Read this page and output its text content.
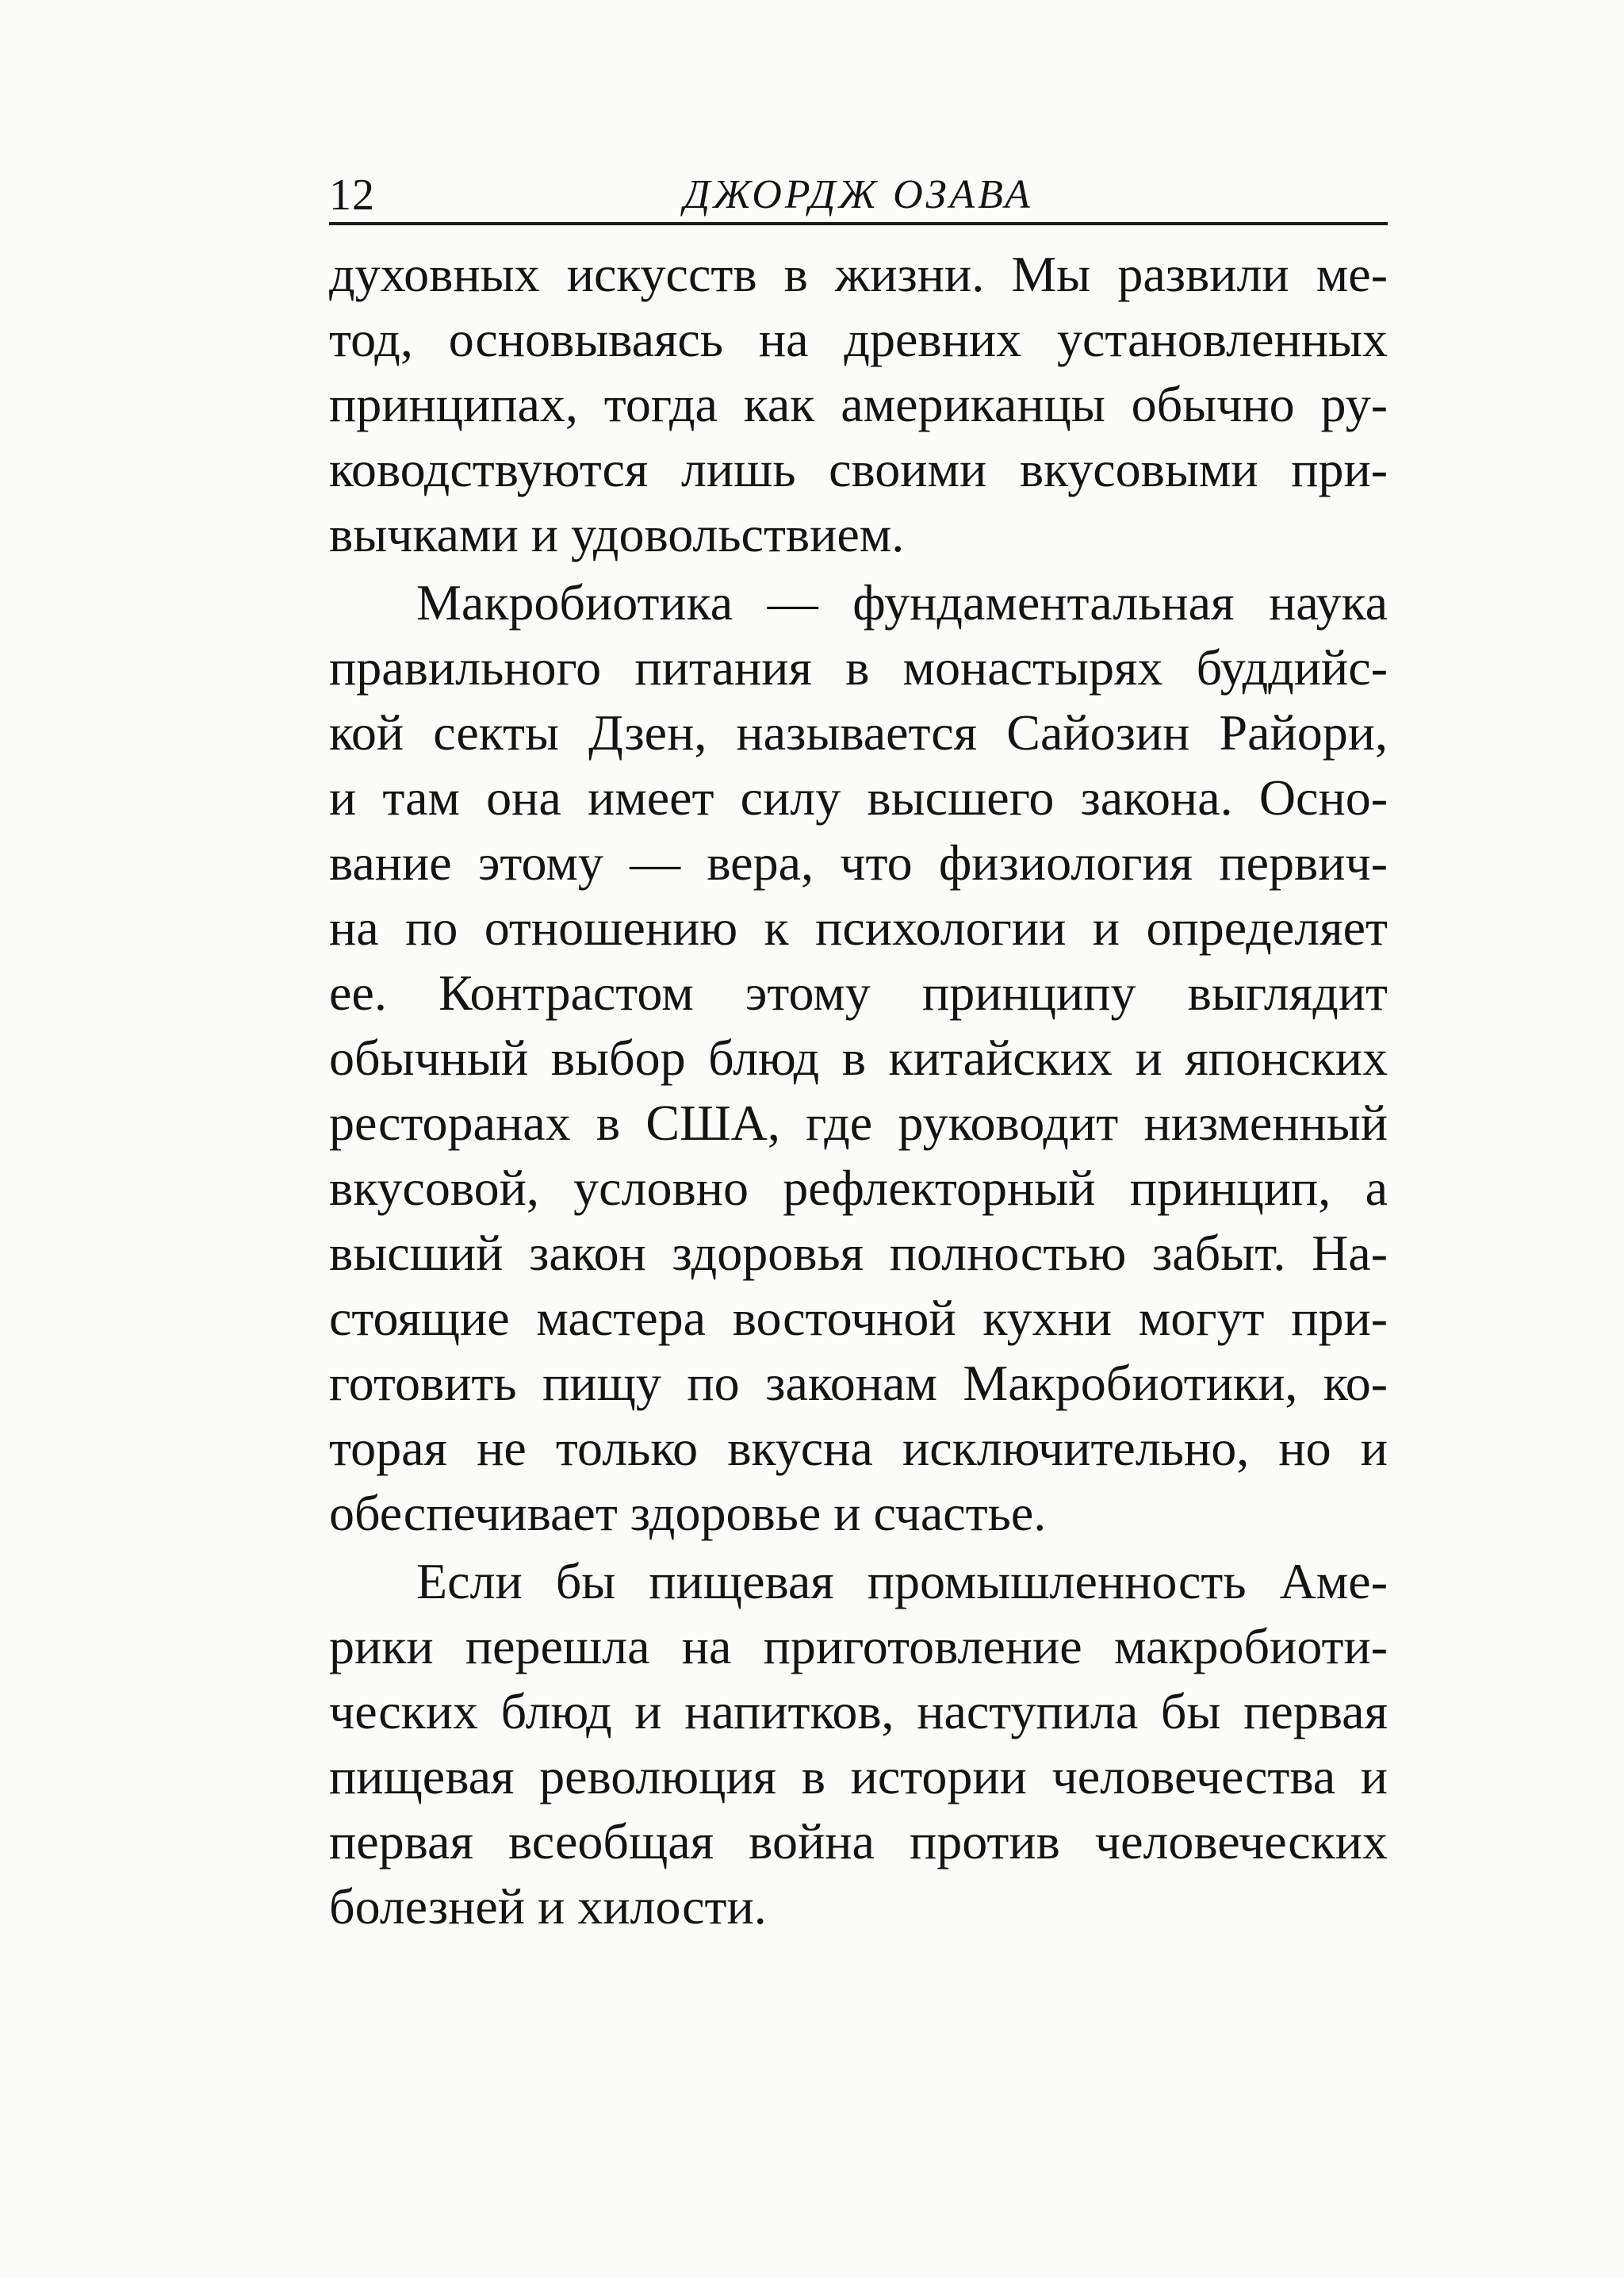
12	ДЖОРДЖ ОЗАВА
духовных искусств в жизни. Мы развили ме-
тод, основываясь на древних установленных
принципах, тогда как американцы обычно ру-
ководствуются лишь своими вкусовыми при-
вычками и удовольствием.
Макробиотика — фундаментальная наука
правильного питания в монастырях буддийс-
кой секты Дзен, называется Сайозин Райори,
и там она имеет силу высшего закона. Осно-
вание этому — вера, что физиология первич-
на по отношению к психологии и определяет
ее. Контрастом этому принципу выглядит
обычный выбор блюд в китайских и японских
ресторанах в США, где руководит низменный
вкусовой, условно рефлекторный принцип, а
высший закон здоровья полностью забыт. На-
стоящие мастера восточной кухни могут при-
готовить пищу по законам Макробиотики, ко-
торая не только вкусна исключительно, но и
обеспечивает здоровье и счастье.
Если бы пищевая промышленность Аме-
рики перешла на приготовление макробиоти-
ческих блюд и напитков, наступила бы первая
пищевая революция в истории человечества и
первая всеобщая война против человеческих
болезней и хилости.
